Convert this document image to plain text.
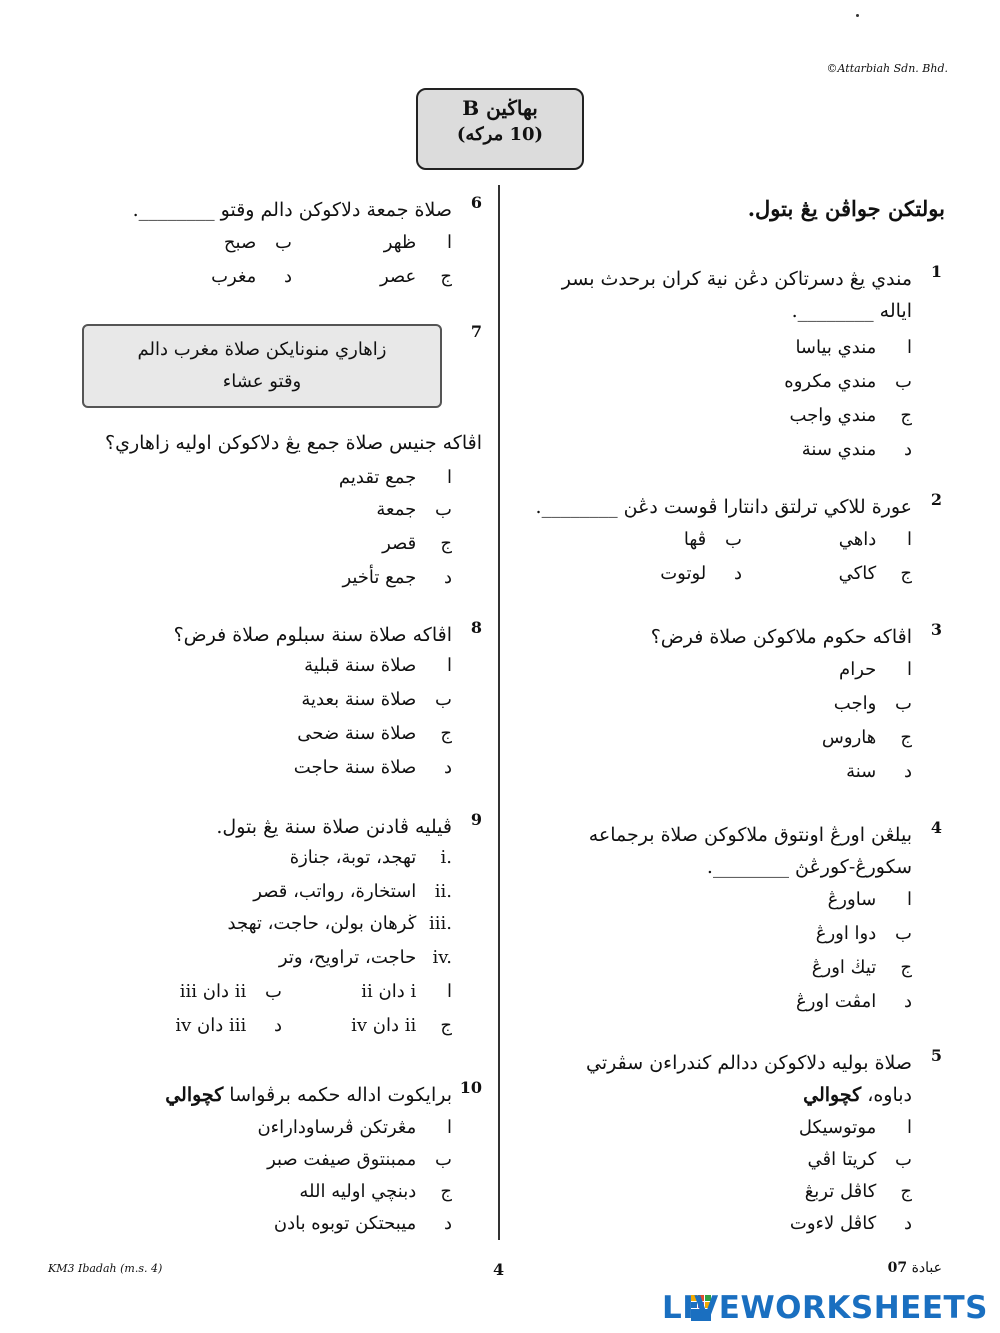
©Attarbiah Sdn. Bhd.
بهاڬين B
(10 مركه)
بولتكن جواڤن يڠ بتول.
1
مندي يڠ دسرتاكن دڠن نية كران برحدث بسر
اياله ________.
ا مندي بياسا
ب مندي مكروه
ج مندي واجب
د مندي سنة
2
عورة للاكي ترلتق دانتارا ڤوست دڠن ________.
ا داهي
ب ڤها
ج كاكي
د لوتوت
3
اڤاكه حكوم ملاكوكن صلاة فرض؟
ا حرام
ب واجب
ج هاروس
د سنة
4
بيلڠن اورڠ اونتوق ملاكوكن صلاة برجماعه
سكورڠ-كورڠڽ ________.
ا ساورڠ
ب دوا اورڠ
ج تيڬ اورڠ
د امڤت اورڠ
5
صلاة بوليه دلاكوكن ددالم كندراءن سڤرتي
دباوه، كچوالي
ا موتوسيكل
ب كريتا اڤي
ج كاڤل تربڠ
د كاڤل لاءوت
6
صلاة جمعة دلاكوكن دالم وقتو ________.
ا ظهر
ب صبح
ج عصر
د مغرب
7
زاهاري منونايكن صلاة مغرب دالم
وقتو عشاء
اڤاكه جنيس صلاة جمع يڠ دلاكوكن اوليه زاهاري؟
ا جمع تقديم
ب جمعة
ج قصر
د جمع تأخير
8
اڤاكه صلاة سنة سبلوم صلاة فرض؟
ا صلاة سنة قبلية
ب صلاة سنة بعدية
ج صلاة سنة ضحى
د صلاة سنة حاجت
9
ڤيليه ڤادنن صلاة سنة يڠ بتول.
i. تهجد، توبة، جنازة
ii. استخارة، رواتب، قصر
iii. ڬرهان بولن، حاجت، تهجد
iv. حاجت، تراويح، وتر
ا i دان ii
ب ii دان iii
ج ii دان iv
د iii دان iv
10
برايكوت اداله حكمه برڤواسا كچوالي
ا مڠرتكن ڤرساوداراءن
ب ممبنتوق صيفت صبر
ج دبنچي اوليه الله
د ميبحتكن توبوه بادن
KM3 Ibadah (m.s. 4)	4	07 عبادة
LIVEWORKSHEETS
